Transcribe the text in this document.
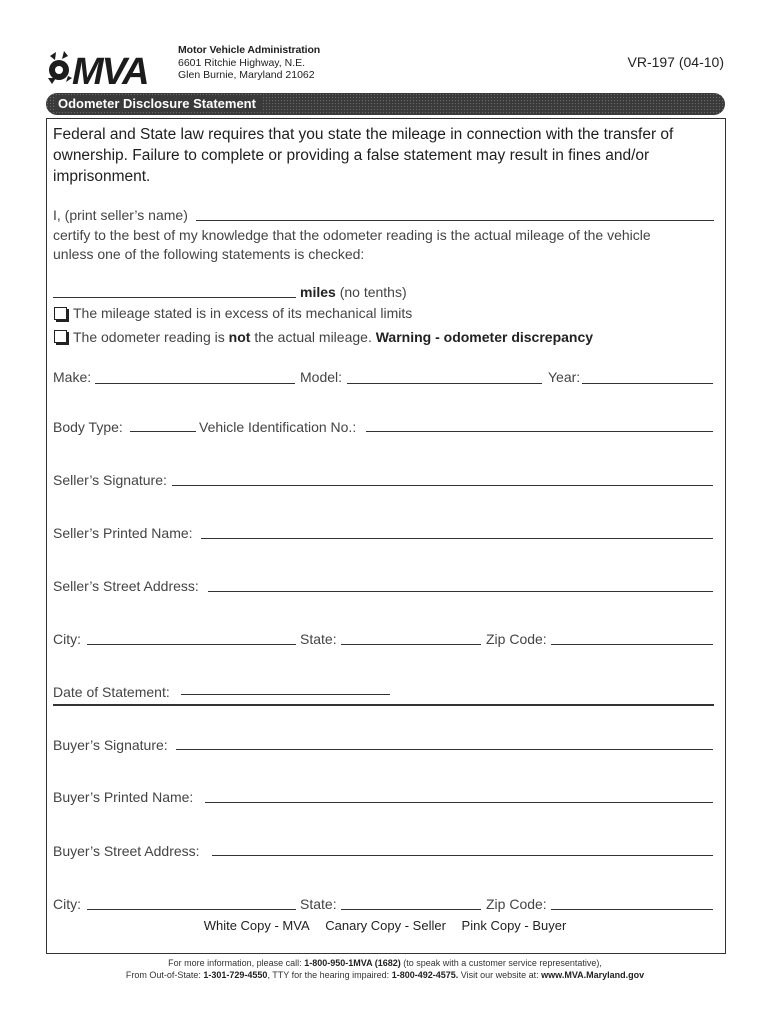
MVA
Motor Vehicle Administration
6601 Ritchie Highway, N.E.
Glen Burnie, Maryland 21062
VR-197 (04-10)
Odometer Disclosure Statement
Federal and State law requires that you state the mileage in connection with the transfer of ownership. Failure to complete or providing a false statement may result in fines and/or imprisonment.
I, (print seller’s name)
certify to the best of my knowledge that the odometer reading is the actual mileage of the vehicle
unless one of the following statements is checked:
miles (no tenths)
The mileage stated is in excess of its mechanical limits
The odometer reading is not the actual mileage. Warning - odometer discrepancy
Make:	Model:	Year:
Body Type:	Vehicle Identification No.:
Seller’s Signature:
Seller’s Printed Name:
Seller’s Street Address:
City:	State:	Zip Code:
Date of Statement:
Buyer’s Signature:
Buyer’s Printed Name:
Buyer’s Street Address:
City:	State:	Zip Code:
White Copy - MVA Canary Copy - Seller Pink Copy - Buyer
For more information, please call: 1-800-950-1MVA (1682) (to speak with a customer service representative),
From Out-of-State: 1-301-729-4550, TTY for the hearing impaired: 1-800-492-4575. Visit our website at: www.MVA.Maryland.gov
